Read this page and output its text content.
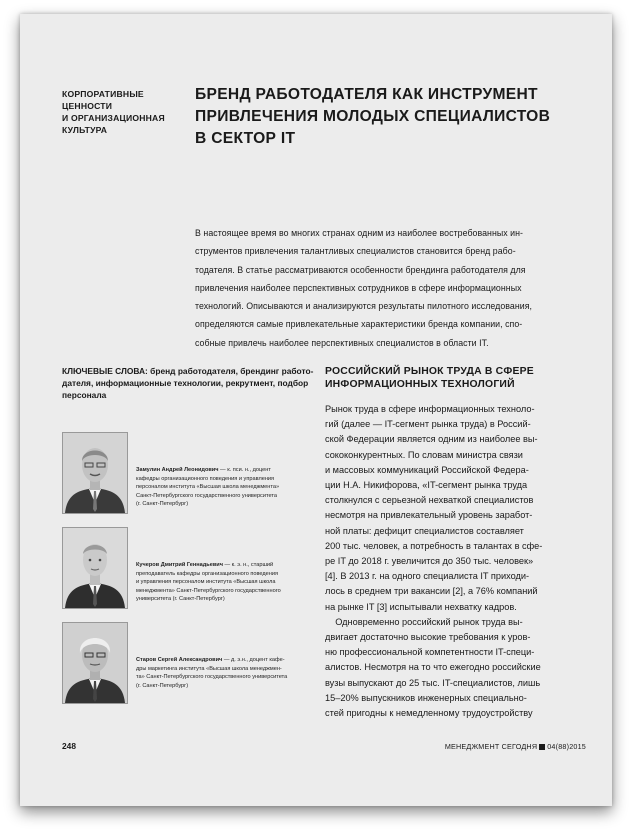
КОРПОРАТИВНЫЕ
ЦЕННОСТИ
И ОРГАНИЗАЦИОННАЯ
КУЛЬТУРА
БРЕНД РАБОТОДАТЕЛЯ КАК ИНСТРУМЕНТ
ПРИВЛЕЧЕНИЯ МОЛОДЫХ СПЕЦИАЛИСТОВ
В СЕКТОР IT
В настоящее время во многих странах одним из наиболее востребованных ин-
струментов привлечения талантливых специалистов становится бренд рабо-
тодателя. В статье рассматриваются особенности брендинга работодателя для
привлечения наиболее перспективных сотрудников в сфере информационных
технологий. Описываются и анализируются результаты пилотного исследования,
определяются самые привлекательные характеристики бренда компании, спо-
собные привлечь наиболее перспективных специалистов в области IT.
КЛЮЧЕВЫЕ СЛОВА: бренд работодателя, брендинг работо-
дателя, информационные технологии, рекрутмент, подбор
персонала
Замулин Андрей Леонидович — к. пси. н., доцент
кафедры организационного поведения и управления
персоналом института «Высшая школа менеджмента»
Санкт-Петербургского государственного университета
(г. Санкт-Петербург)
Кучеров Дмитрий Геннадьевич — к. э. н., старший
преподаватель кафедры организационного поведения
и управления персоналом института «Высшая школа
менеджмента» Санкт-Петербургского государственного
университета (г. Санкт-Петербург)
Старов Сергей Александрович — д. э.н., доцент кафе-
дры маркетинга института «Высшая школа менеджмен-
та» Санкт-Петербургского государственного университета
(г. Санкт-Петербург)
РОССИЙСКИЙ РЫНОК ТРУДА В СФЕРЕ
ИНФОРМАЦИОННЫХ ТЕХНОЛОГИЙ
Рынок труда в сфере информационных техноло-
гий (далее — IT-сегмент рынка труда) в Россий-
ской Федерации является одним из наиболее вы-
сококонкурентных. По словам министра связи
и массовых коммуникаций Российской Федера-
ции Н.А. Никифорова, «IT-сегмент рынка труда
столкнулся с серьезной нехваткой специалистов
несмотря на привлекательный уровень заработ-
ной платы: дефицит специалистов составляет
200 тыс. человек, а потребность в талантах в сфе-
ре IT до 2018 г. увеличится до 350 тыс. человек»
[4]. В 2013 г. на одного специалиста IT приходи-
лось в среднем три вакансии [2], а 76% компаний
на рынке IT [3] испытывали нехватку кадров.
Одновременно российский рынок труда вы-
двигает достаточно высокие требования к уров-
ню профессиональной компетентности IT-специ-
алистов. Несмотря на то что ежегодно российские
вузы выпускают до 25 тыс. IT-специалистов, лишь
15–20% выпускников инженерных специально-
стей пригодны к немедленному трудоустройству
248	МЕНЕДЖМЕНТ СЕГОДНЯ 04(88)2015
